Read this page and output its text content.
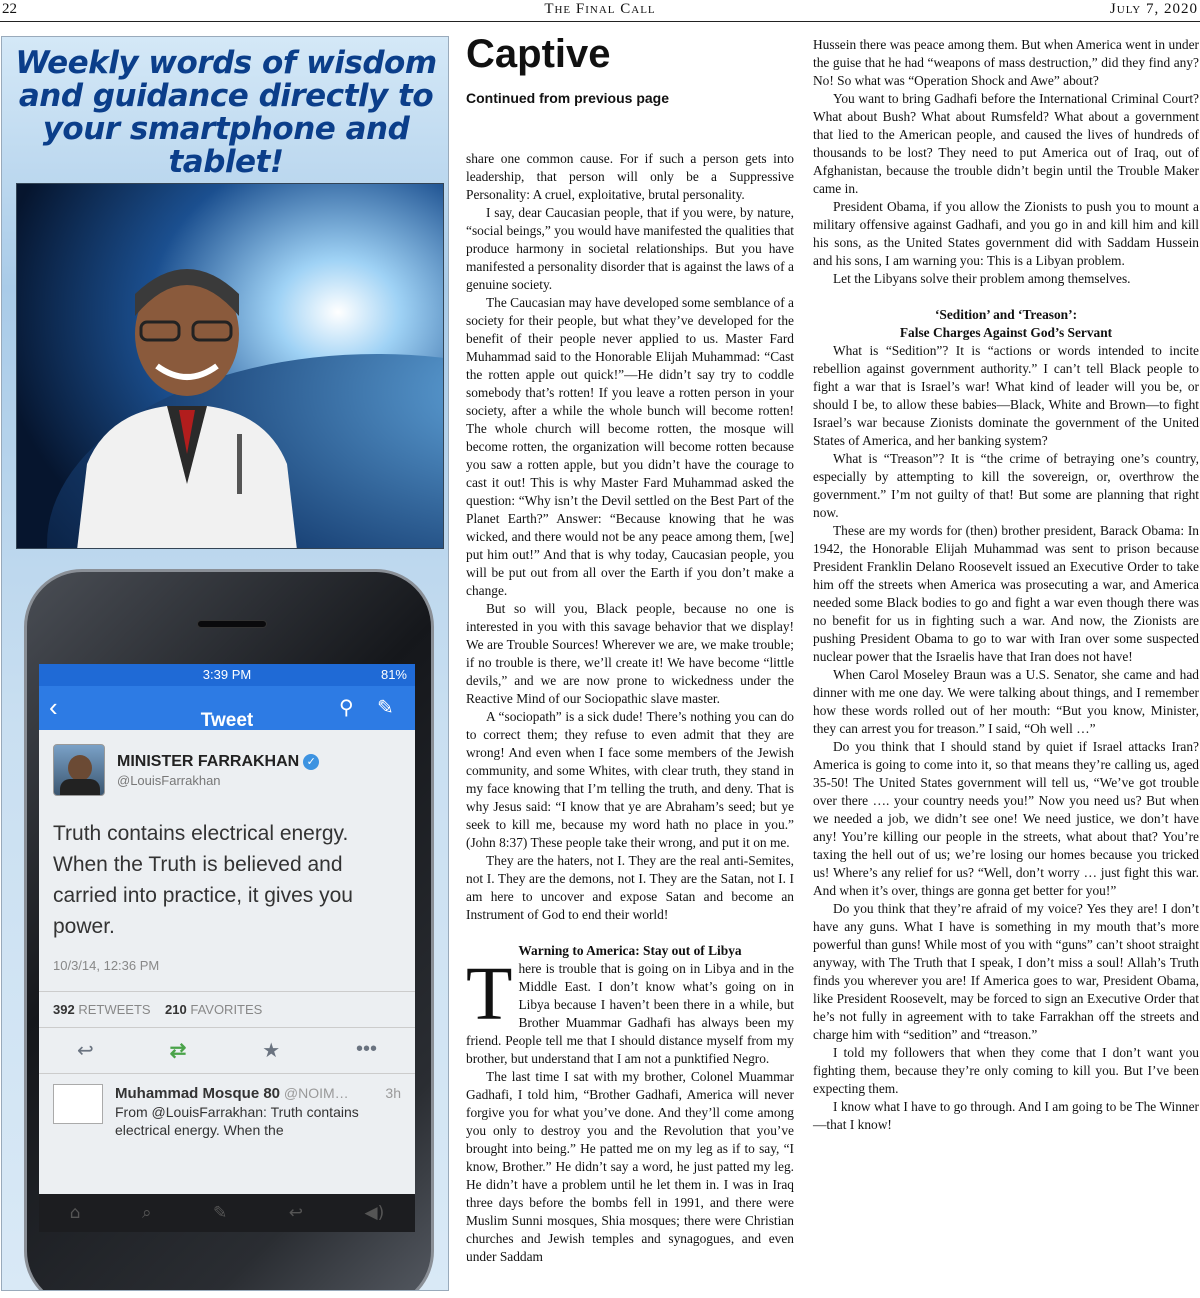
22	The Final Call	July 7, 2020
Weekly words of wisdom and guidance directly to your smartphone and tablet!
3:39 PM	81%
‹	Tweet
⚲ ✎
MINISTER FARRAKHAN ✓
@LouisFarrakhan
Truth contains electrical energy. When the Truth is believed and carried into practice, it gives you power.
10/3/14, 12:36 PM
392 RETWEETS 210 FAVORITES
↩	⇄	★	•••
Muhammad Mosque 80 @NOIM…	3h
From @LouisFarrakhan: Truth contains electrical energy. When the
⌂	⌕	✎	↩	◀)
Captive
Continued from previous page

share one common cause. For if such a person gets into leadership, that person will only be a Suppressive Personality: A cruel, exploitative, brutal personality.

I say, dear Caucasian people, that if you were, by nature, “social beings,” you would have manifested the qualities that produce harmony in societal relationships. But you have manifested a personality disorder that is against the laws of a genuine society.

The Caucasian may have developed some semblance of a society for their people, but what they’ve developed for the benefit of their people never applied to us. Master Fard Muhammad said to the Honorable Elijah Muhammad: “Cast the rotten apple out quick!”—He didn’t say try to coddle somebody that’s rotten! If you leave a rotten person in your society, after a while the whole bunch will become rotten! The whole church will become rotten, the mosque will become rotten, the organization will become rotten because you saw a rotten apple, but you didn’t have the courage to cast it out! This is why Master Fard Muhammad asked the question: “Why isn’t the Devil settled on the Best Part of the Planet Earth?” Answer: “Because knowing that he was wicked, and there would not be any peace among them, [we] put him out!” And that is why today, Caucasian people, you will be put out from all over the Earth if you don’t make a change.

But so will you, Black people, because no one is interested in you with this savage behavior that we display! We are Trouble Sources! Wherever we are, we make trouble; if no trouble is there, we’ll create it! We have become “little devils,” and we are now prone to wickedness under the Reactive Mind of our Sociopathic slave master.

A “sociopath” is a sick dude! There’s nothing you can do to correct them; they refuse to even admit that they are wrong! And even when I face some members of the Jewish community, and some Whites, with clear truth, they stand in my face knowing that I’m telling the truth, and deny. That is why Jesus said: “I know that ye are Abraham’s seed; but ye seek to kill me, because my word hath no place in you.” (John 8:37) These people take their wrong, and put it on me.

They are the haters, not I. They are the real anti-Semites, not I. They are the demons, not I. They are the Satan, not I. I am here to uncover and expose Satan and become an Instrument of God to end their world!

Warning to America: Stay out of Libya

There is trouble that is going on in Libya and in the Middle East. I don’t know what’s going on in Libya because I haven’t been there in a while, but Brother Muammar Gadhafi has always been my friend. People tell me that I should distance myself from my brother, but understand that I am not a punktified Negro.

The last time I sat with my brother, Colonel Muammar Gadhafi, I told him, “Brother Gadhafi, America will never forgive you for what you’ve done. And they’ll come among you only to destroy you and the Revolution that you’ve brought into being.” He patted me on my leg as if to say, “I know, Brother.” He didn’t say a word, he just patted my leg. He didn’t have a problem until he let them in. I was in Iraq three days before the bombs fell in 1991, and there were Muslim Sunni mosques, Shia mosques; there were Christian churches and Jewish temples and synagogues, and even under Saddam

Hussein there was peace among them. But when America went in under the guise that he had “weapons of mass destruction,” did they find any? No! So what was “Operation Shock and Awe” about?

You want to bring Gadhafi before the International Criminal Court? What about Bush? What about Rumsfeld? What about a government that lied to the American people, and caused the lives of hundreds of thousands to be lost? They need to put America out of Iraq, out of Afghanistan, because the trouble didn’t begin until the Trouble Maker came in.

President Obama, if you allow the Zionists to push you to mount a military offensive against Gadhafi, and you go in and kill him and kill his sons, as the United States government did with Saddam Hussein and his sons, I am warning you: This is a Libyan problem.

Let the Libyans solve their problem among themselves.

‘Sedition’ and ‘Treason’:

False Charges Against God’s Servant

What is “Sedition”? It is “actions or words intended to incite rebellion against government authority.” I can’t tell Black people to fight a war that is Israel’s war! What kind of leader will you be, or should I be, to allow these babies—Black, White and Brown—to fight Israel’s war because Zionists dominate the government of the United States of America, and her banking system?

What is “Treason”? It is “the crime of betraying one’s country, especially by attempting to kill the sovereign, or, overthrow the government.” I’m not guilty of that! But some are planning that right now.

These are my words for (then) brother president, Barack Obama: In 1942, the Honorable Elijah Muhammad was sent to prison because President Franklin Delano Roosevelt issued an Executive Order to take him off the streets when America was prosecuting a war, and America needed some Black bodies to go and fight a war even though there was no benefit for us in fighting such a war. And now, the Zionists are pushing President Obama to go to war with Iran over some suspected nuclear power that the Israelis have that Iran does not have!

When Carol Moseley Braun was a U.S. Senator, she came and had dinner with me one day. We were talking about things, and I remember how these words rolled out of her mouth: “But you know, Minister, they can arrest you for treason.” I said, “Oh well …”

Do you think that I should stand by quiet if Israel attacks Iran? America is going to come into it, so that means they’re calling us, aged 35-50! The United States government will tell us, “We’ve got trouble over there …. your country needs you!” Now you need us? But when we needed a job, we didn’t see one! We need justice, we don’t have any! You’re killing our people in the streets, what about that? You’re taxing the hell out of us; we’re losing our homes because you tricked us! Where’s any relief for us? “Well, don’t worry … just fight this war. And when it’s over, things are gonna get better for you!”

Do you think that they’re afraid of my voice? Yes they are! I don’t have any guns. What I have is something in my mouth that’s more powerful than guns! While most of you with “guns” can’t shoot straight anyway, with The Truth that I speak, I don’t miss a soul! Allah’s Truth finds you wherever you are! If America goes to war, President Obama, like President Roosevelt, may be forced to sign an Executive Order that he’s not fully in agreement with to take Farrakhan off the streets and charge him with “sedition” and “treason.”

I told my followers that when they come that I don’t want you fighting them, because they’re only coming to kill you. But I’ve been expecting them.

I know what I have to go through. And I am going to be The Winner—that I know!
